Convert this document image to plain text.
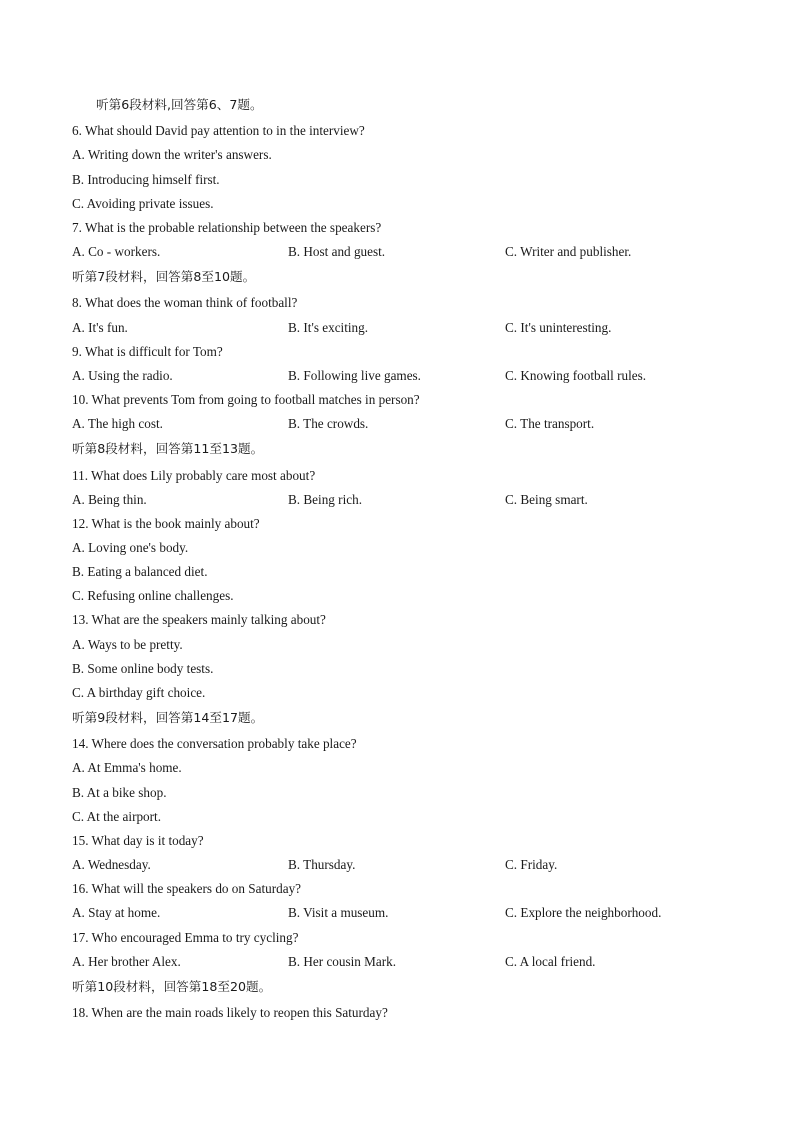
听第6段材料,回答第6、7题。
6. What should David pay attention to in the interview?
A. Writing down the writer's answers.
B. Introducing himself first.
C. Avoiding private issues.
7. What is the probable relationship between the speakers?
A. Co - workers.	B. Host and guest.	C. Writer and publisher.
听第7段材料，回答第8至10题。
8. What does the woman think of football?
A. It's fun.	B. It's exciting.	C. It's uninteresting.
9. What is difficult for Tom?
A. Using the radio.	B. Following live games.	C. Knowing football rules.
10. What prevents Tom from going to football matches in person?
A. The high cost.	B. The crowds.	C. The transport.
听第8段材料，回答第11至13题。
11. What does Lily probably care most about?
A. Being thin.	B. Being rich.	C. Being smart.
12. What is the book mainly about?
A. Loving one's body.
B. Eating a balanced diet.
C. Refusing online challenges.
13. What are the speakers mainly talking about?
A. Ways to be pretty.
B. Some online body tests.
C. A birthday gift choice.
听第9段材料，回答第14至17题。
14. Where does the conversation probably take place?
A. At Emma's home.
B. At a bike shop.
C. At the airport.
15. What day is it today?
A. Wednesday.	B. Thursday.	C. Friday.
16. What will the speakers do on Saturday?
A. Stay at home.	B. Visit a museum.	C. Explore the neighborhood.
17. Who encouraged Emma to try cycling?
A. Her brother Alex.	B. Her cousin Mark.	C. A local friend.
听第10段材料，回答第18至20题。
18. When are the main roads likely to reopen this Saturday?
